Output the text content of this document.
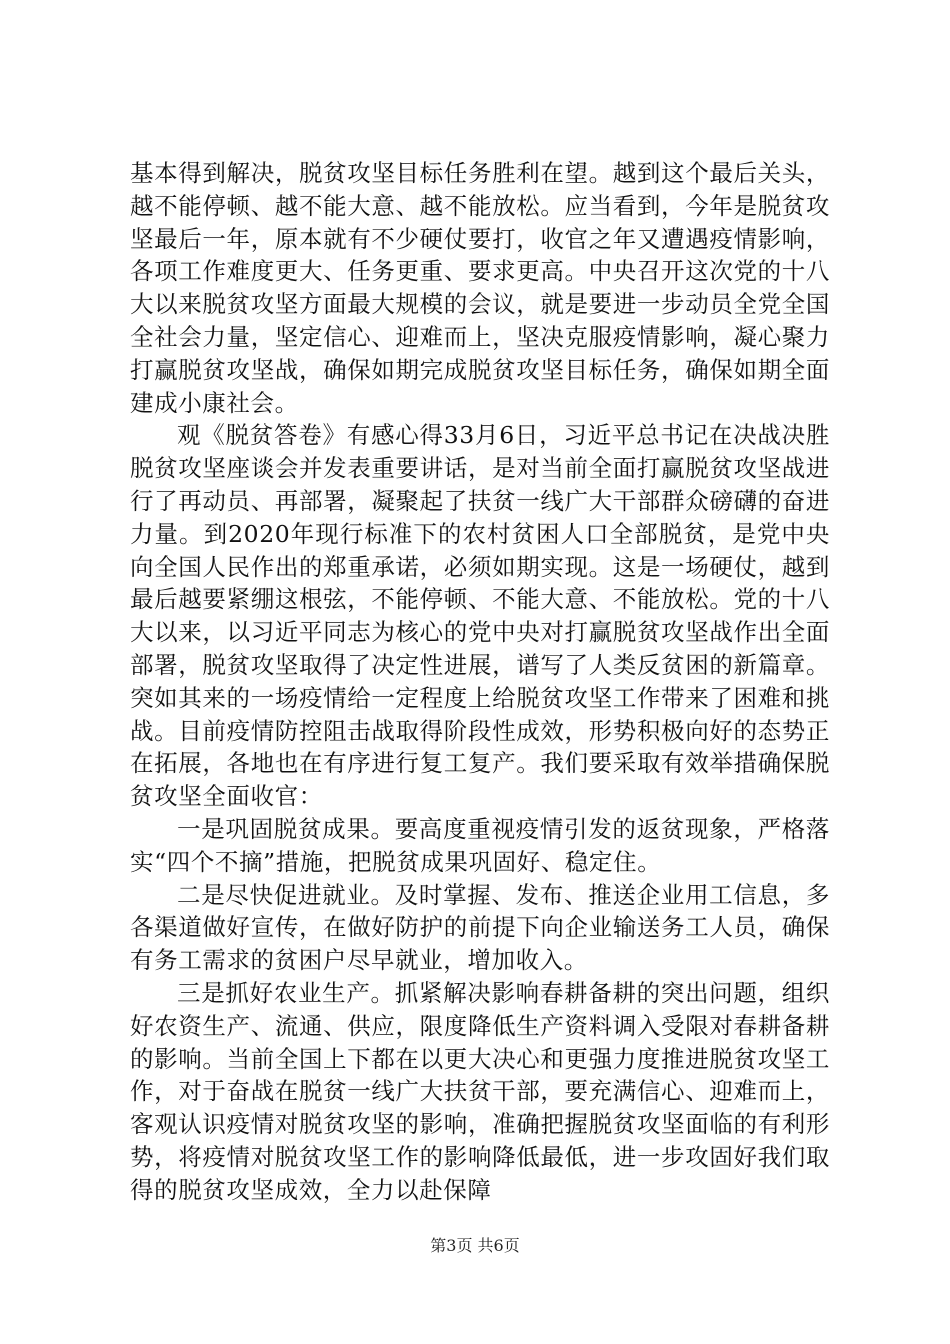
基本得到解决，脱贫攻坚目标任务胜利在望。越到这个最后关头，越不能停顿、越不能大意、越不能放松。应当看到，今年是脱贫攻坚最后一年，原本就有不少硬仗要打，收官之年又遭遇疫情影响，各项工作难度更大、任务更重、要求更高。中央召开这次党的十八大以来脱贫攻坚方面最大规模的会议，就是要进一步动员全党全国全社会力量，坚定信心、迎难而上，坚决克服疫情影响，凝心聚力打赢脱贫攻坚战，确保如期完成脱贫攻坚目标任务，确保如期全面建成小康社会。

观《脱贫答卷》有感心得33月6日，习近平总书记在决战决胜脱贫攻坚座谈会并发表重要讲话，是对当前全面打赢脱贫攻坚战进行了再动员、再部署，凝聚起了扶贫一线广大干部群众磅礴的奋进力量。到2020年现行标准下的农村贫困人口全部脱贫，是党中央向全国人民作出的郑重承诺，必须如期实现。这是一场硬仗，越到最后越要紧绷这根弦，不能停顿、不能大意、不能放松。党的十八大以来，以习近平同志为核心的党中央对打赢脱贫攻坚战作出全面部署，脱贫攻坚取得了决定性进展，谱写了人类反贫困的新篇章。突如其来的一场疫情给一定程度上给脱贫攻坚工作带来了困难和挑战。目前疫情防控阻击战取得阶段性成效，形势积极向好的态势正在拓展，各地也在有序进行复工复产。我们要采取有效举措确保脱贫攻坚全面收官：

一是巩固脱贫成果。要高度重视疫情引发的返贫现象，严格落实“四个不摘”措施，把脱贫成果巩固好、稳定住。

二是尽快促进就业。及时掌握、发布、推送企业用工信息，多各渠道做好宣传，在做好防护的前提下向企业输送务工人员，确保有务工需求的贫困户尽早就业，增加收入。

三是抓好农业生产。抓紧解决影响春耕备耕的突出问题，组织好农资生产、流通、供应，限度降低生产资料调入受限对春耕备耕的影响。当前全国上下都在以更大决心和更强力度推进脱贫攻坚工作，对于奋战在脱贫一线广大扶贫干部，要充满信心、迎难而上，客观认识疫情对脱贫攻坚的影响，准确把握脱贫攻坚面临的有利形势，将疫情对脱贫攻坚工作的影响降低最低，进一步攻固好我们取得的脱贫攻坚成效，全力以赴保障

第3页 共6页
